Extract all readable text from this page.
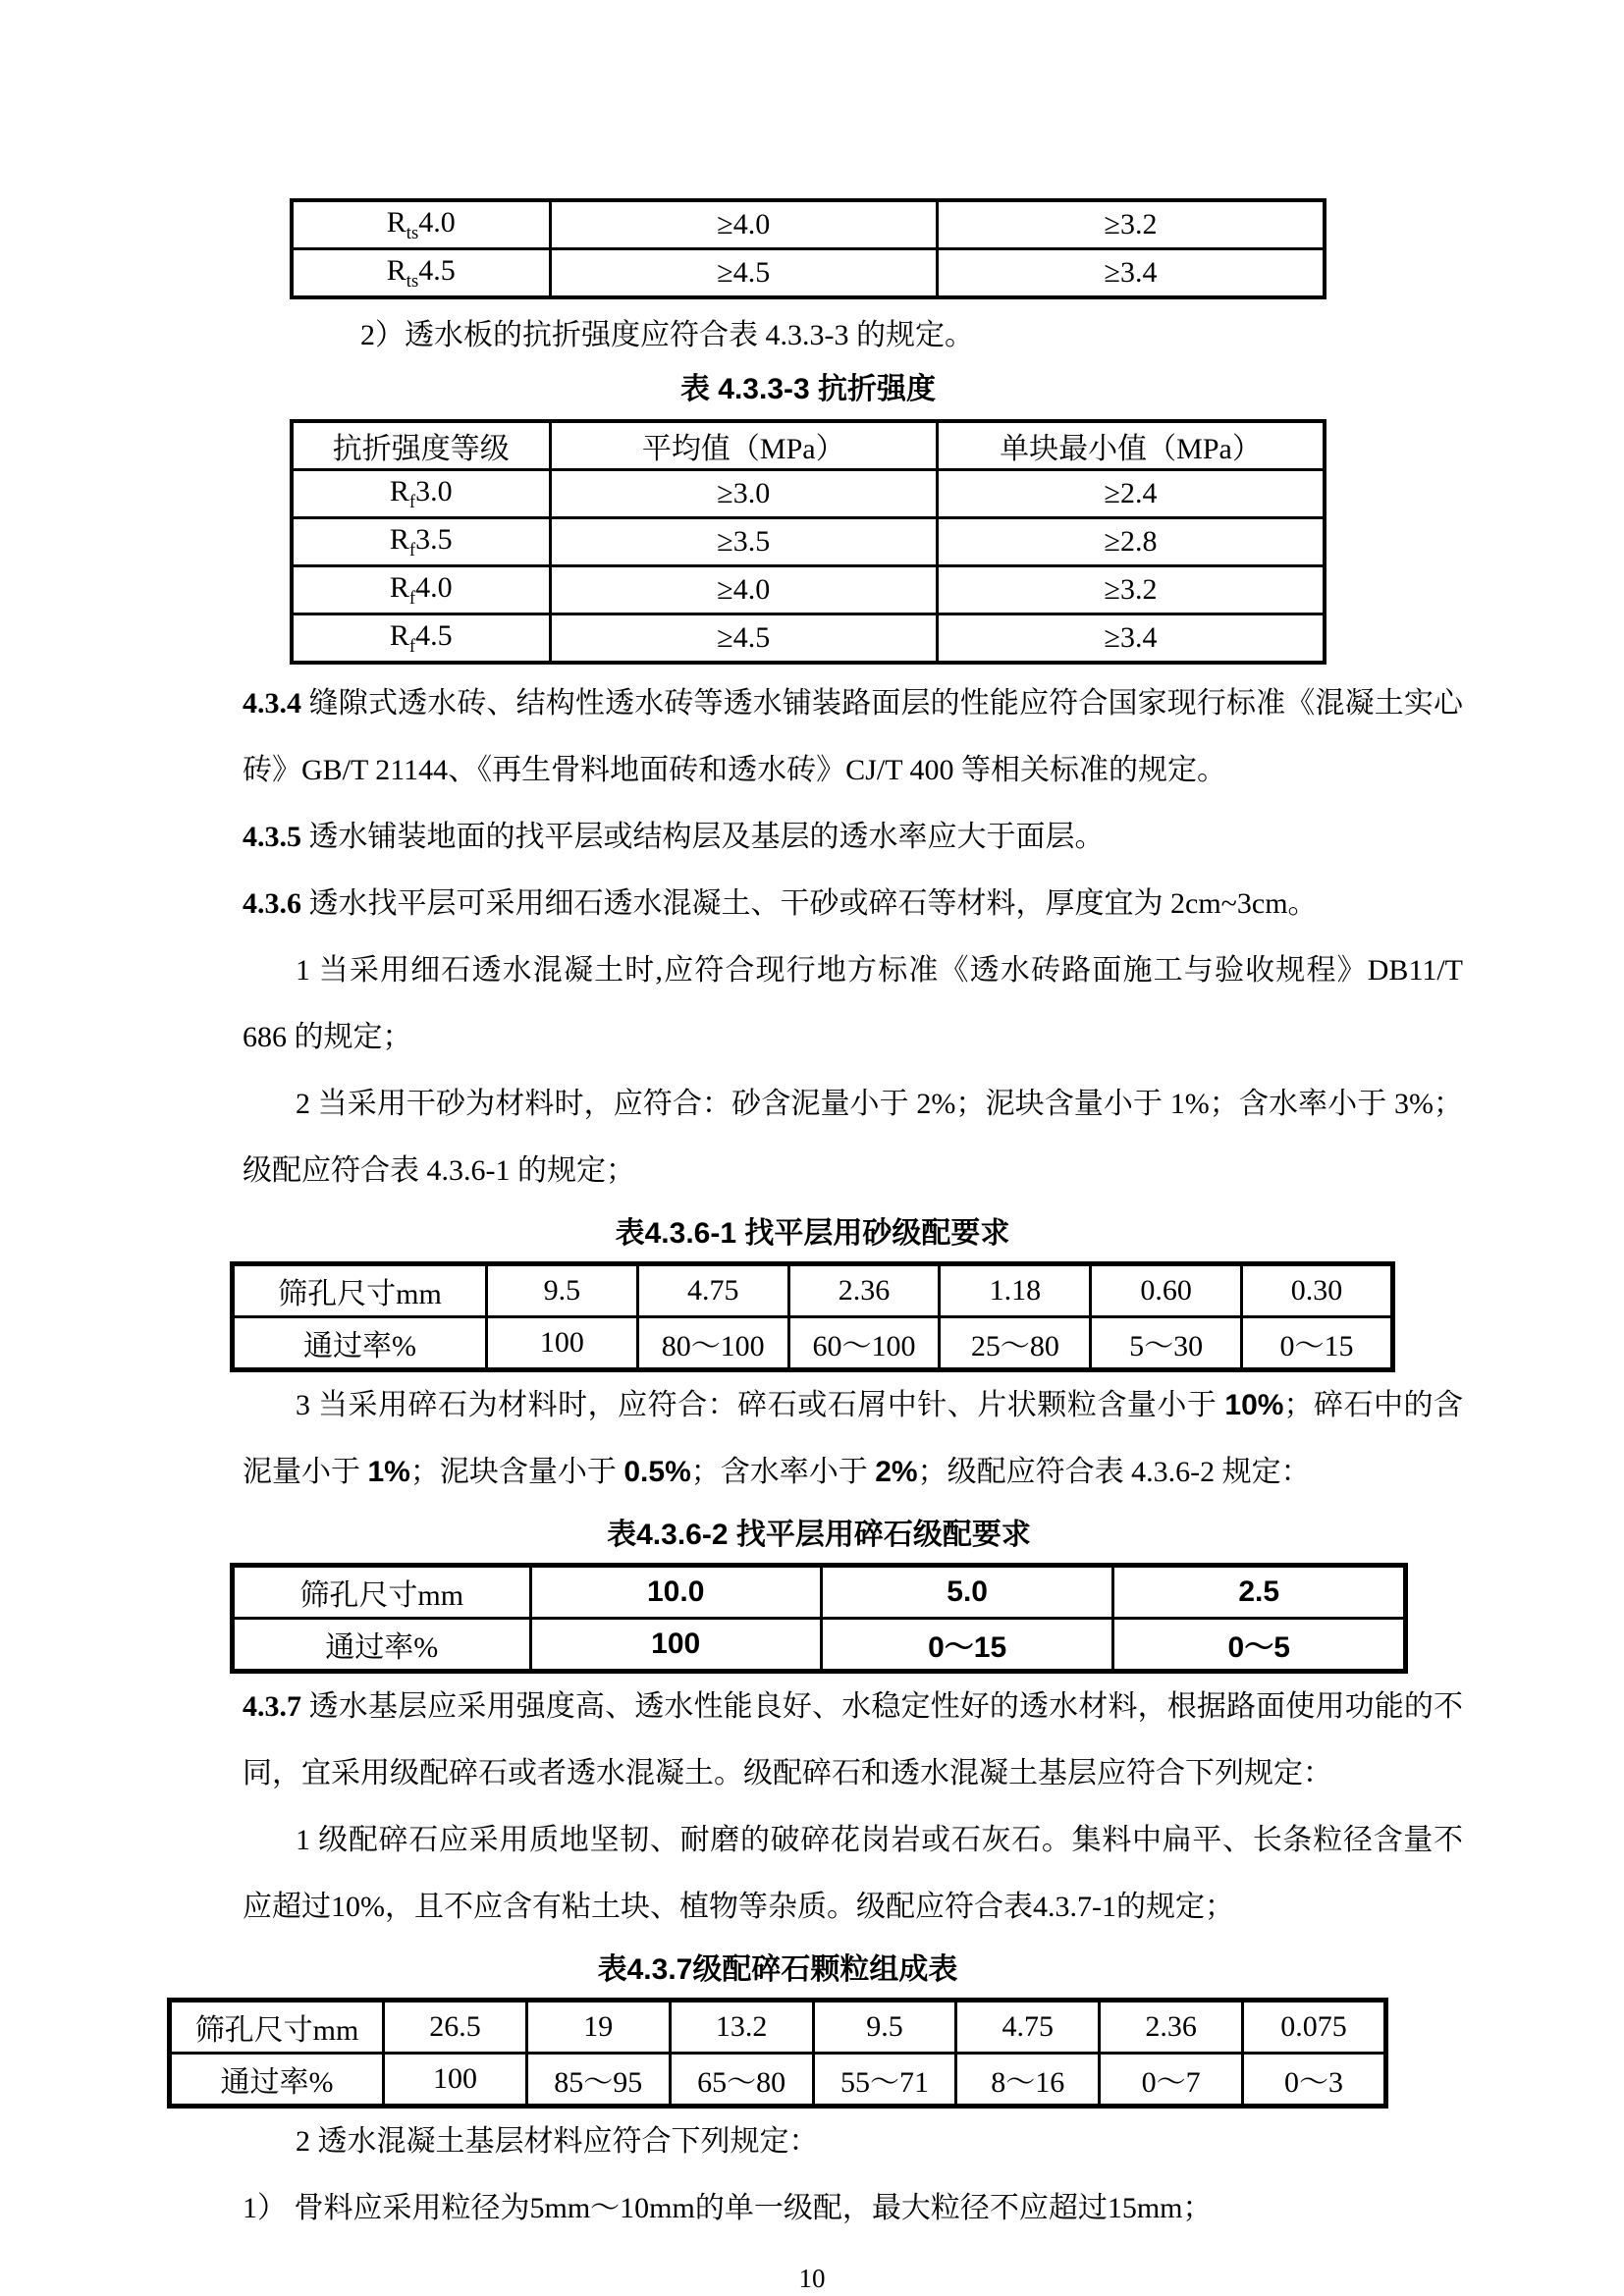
$R_{ts}4.0$	≥4.0	≥3.2
$R_{ts}4.5$	≥4.5	≥3.4

2）透水板的抗折强度应符合表 4.3.3-3 的规定。

表 4.3.3-3 抗折强度
抗折强度等级	平均值（MPa）	单块最小值（MPa）
$R_f3.0$	≥3.0	≥2.4
$R_f3.5$	≥3.5	≥2.8
$R_f4.0$	≥4.0	≥3.2
$R_f4.5$	≥4.5	≥3.4

4.3.4 缝隙式透水砖、结构性透水砖等透水铺装路面层的性能应符合国家现行标准《混凝土实心砖》GB/T 21144、《再生骨料地面砖和透水砖》CJ/T 400 等相关标准的规定。

4.3.5 透水铺装地面的找平层或结构层及基层的透水率应大于面层。

4.3.6 透水找平层可采用细石透水混凝土、干砂或碎石等材料，厚度宜为 2cm~3cm。

1 当采用细石透水混凝土时,应符合现行地方标准《透水砖路面施工与验收规程》DB11/T 686 的规定；

2 当采用干砂为材料时，应符合：砂含泥量小于 2%；泥块含量小于 1%；含水率小于 3%；级配应符合表 4.3.6-1 的规定；

表4.3.6-1 找平层用砂级配要求
筛孔尺寸mm	9.5	4.75	2.36	1.18	0.60	0.30
通过率%	100	80～100	60～100	25～80	5～30	0～15

3 当采用碎石为材料时，应符合：碎石或石屑中针、片状颗粒含量小于 10%；碎石中的含泥量小于 1%；泥块含量小于 0.5%；含水率小于 2%；级配应符合表 4.3.6-2 规定：

表4.3.6-2 找平层用碎石级配要求
筛孔尺寸mm	10.0	5.0	2.5
通过率%	100	0～15	0～5

4.3.7 透水基层应采用强度高、透水性能良好、水稳定性好的透水材料，根据路面使用功能的不同，宜采用级配碎石或者透水混凝土。级配碎石和透水混凝土基层应符合下列规定：

1 级配碎石应采用质地坚韧、耐磨的破碎花岗岩或石灰石。集料中扁平、长条粒径含量不应超过10%，且不应含有粘土块、植物等杂质。级配应符合表4.3.7-1的规定；

表4.3.7级配碎石颗粒组成表
筛孔尺寸mm	26.5	19	13.2	9.5	4.75	2.36	0.075
通过率%	100	85～95	65～80	55～71	8～16	0～7	0～3

2 透水混凝土基层材料应符合下列规定：

1） 骨料应采用粒径为5mm～10mm的单一级配，最大粒径不应超过15mm；

10
